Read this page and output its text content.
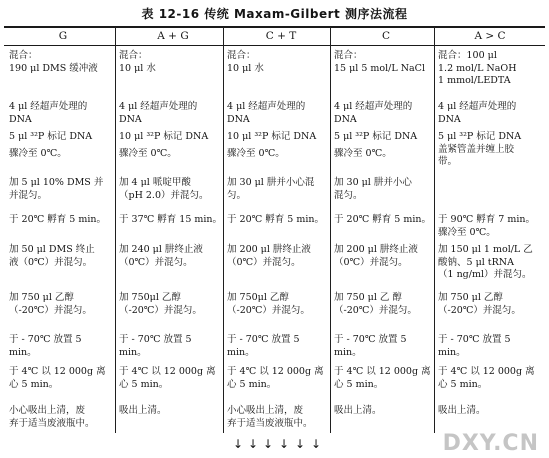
表 12-16 传统 Maxam-Gilbert 测序法流程
G
混合：
190 μl DMS 缓冲液
4 μl 经超声处理的
DNA
5 μl ³²P 标记 DNA
骤冷至 0℃。
加 5 μl 10% DMS 并
并混匀。
于 20℃ 孵育 5 min。
加 50 μl DMS 终止
液（0℃）并混匀。
加 750 μl 乙醇
（-20℃）并混匀。
于 - 70℃ 放置 5
min。
于 4℃ 以 12 000g 离
心 5 min。
小心吸出上清，废
弃于适当废液瓶中。
A + G
混合：
10 μl 水
4 μl 经超声处理的
DNA
10 μl ³²P 标记 DNA
骤冷至 0℃。
加 4 μl 哌啶甲酸
（pH 2.0）并混匀。
于 37℃ 孵育 15 min。
加 240 μl 肼终止液
（0℃）并混匀。
加 750μl 乙醇
（-20℃）并混匀。
于 - 70℃ 放置 5
min。
于 4℃ 以 12 000g 离
心 5 min。
吸出上清。
C + T
混合：
10 μl 水
4 μl 经超声处理的
DNA
10 μl ³²P 标记 DNA
骤冷至 0℃。
加 30 μl 肼并小心混
匀。
于 20℃ 孵育 5 min。
加 200 μl 肼终止液
（0℃）并混匀。
加 750μl 乙醇
（-20℃）并混匀。
于 - 70℃ 放置 5
min。
于 4℃ 以 12 000g 离
心 5 min。
小心吸出上清，废
弃于适当废液瓶中。
C
混合：
15 μl 5 mol/L NaCl
4 μl 经超声处理的
DNA
5 μl ³²P 标记 DNA
骤冷至 0℃。
加 30 μl 肼并小心
混匀。
于 20℃ 孵育 5 min。
加 200 μl 肼终止液
（0℃）并混匀。
加 750 μl 乙 醇
（-20℃）并混匀。
于 - 70℃ 放置 5
min。
于 4℃ 以 12 000g 离
心 5 min。
吸出上清。
A > C
混合：100 μl
1.2 mol/L NaOH
1 mmol/LEDTA
4 μl 经超声处理的
DNA
5 μl ³²P 标记 DNA
盖紧管盖并缠上胶
带。
于 90℃ 孵育 7 min。
骤冷至 0℃。
加 150 μl 1 mol/L 乙
酸钠、5 μl tRNA
（1 ng/ml）并混匀。
加 750 μl 乙醇
（-20℃）并混匀。
于 - 70℃ 放置 5
min。
于 4℃ 以 12 000g 离
心 5 min。
吸出上清。
↓ ↓ ↓ ↓ ↓ ↓	DXY.CN
